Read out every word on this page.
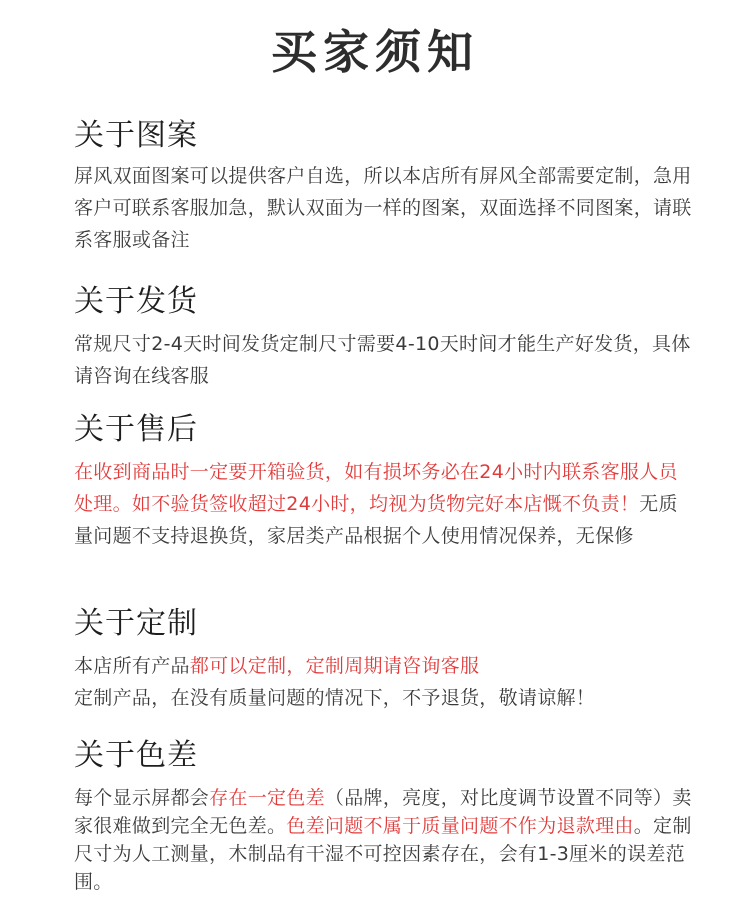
买家须知
关于图案

屏风双面图案可以提供客户自选，所以本店所有屏风全部需要定制，急用客户可联系客服加急，默认双面为一样的图案，双面选择不同图案，请联系客服或备注

关于发货

常规尺寸2-4天时间发货定制尺寸需要4-10天时间才能生产好发货，具体请咨询在线客服

关于售后

在收到商品时一定要开箱验货，如有损坏务必在24小时内联系客服人员处理。如不验货签收超过24小时，均视为货物完好本店慨不负责！无质量问题不支持退换货，家居类产品根据个人使用情况保养，无保修

关于定制

本店所有产品都可以定制，定制周期请咨询客服
定制产品，在没有质量问题的情况下，不予退货，敬请谅解！

关于色差

每个显示屏都会存在一定色差（品牌，亮度，对比度调节设置不同等）卖家很难做到完全无色差。色差问题不属于质量问题不作为退款理由。定制尺寸为人工测量，木制品有干湿不可控因素存在，会有1-3厘米的误差范围。
